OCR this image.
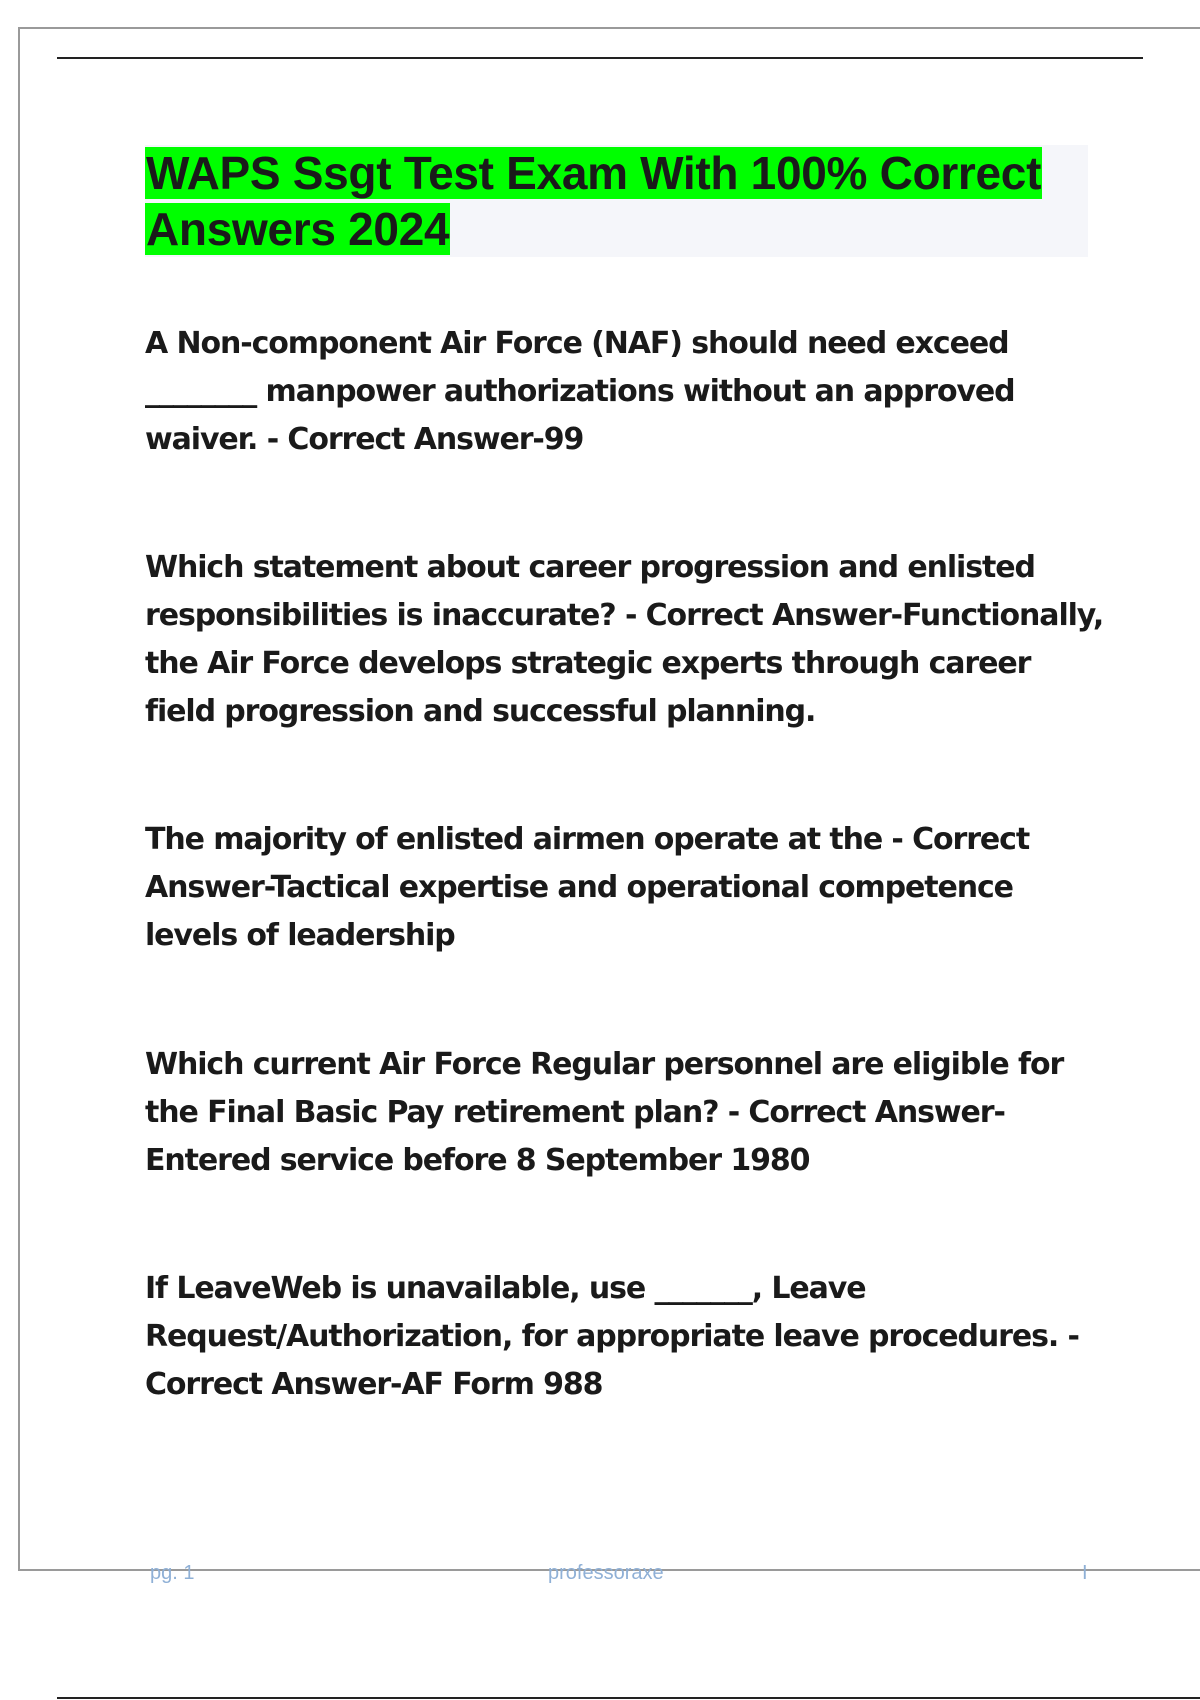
WAPS Ssgt Test Exam With 100% Correct Answers 2024

A Non-component Air Force (NAF) should need exceed ________ manpower authorizations without an approved waiver. - Correct Answer-99

Which statement about career progression and enlisted responsibilities is inaccurate? - Correct Answer-Functionally, the Air Force develops strategic experts through career field progression and successful planning.

The majority of enlisted airmen operate at the - Correct Answer-Tactical expertise and operational competence levels of leadership

Which current Air Force Regular personnel are eligible for the Final Basic Pay retirement plan? - Correct Answer-Entered service before 8 September 1980

If LeaveWeb is unavailable, use _______, Leave Request/Authorization, for appropriate leave procedures. - Correct Answer-AF Form 988

pg. 1	professoraxe	I
